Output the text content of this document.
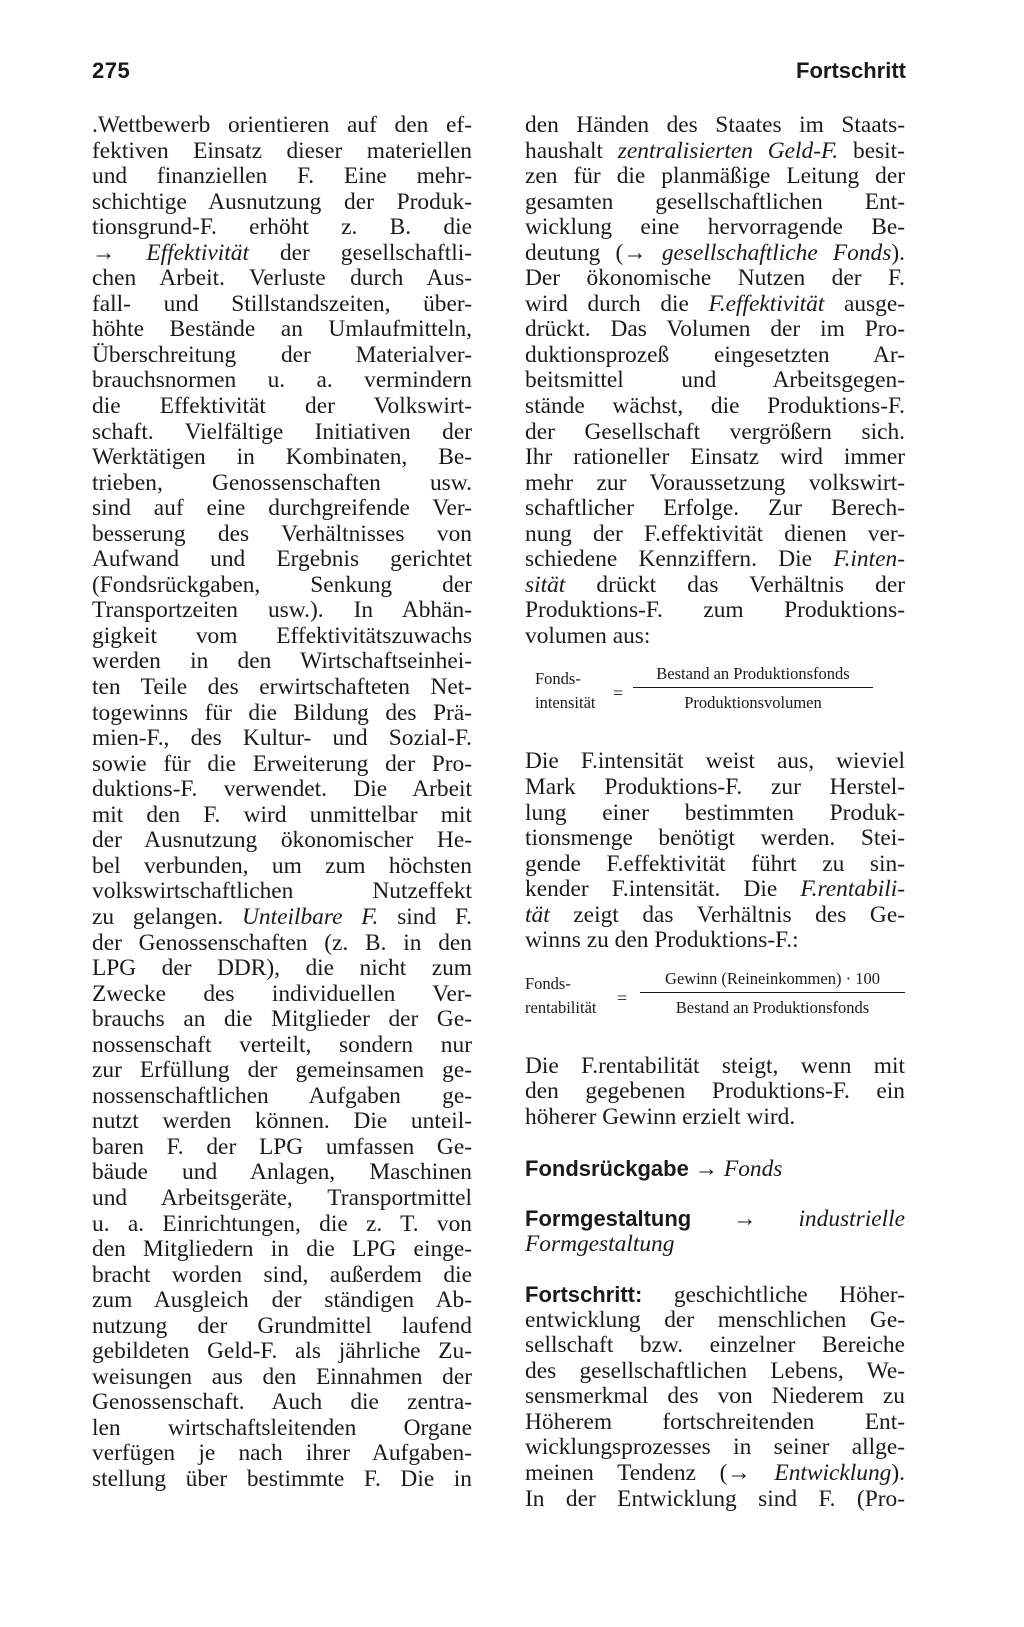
275	Fortschritt
.Wettbewerb orientieren auf den ef-
fektiven Einsatz dieser materiellen
und finanziellen F. Eine mehr-
schichtige Ausnutzung der Produk-
tionsgrund-F. erhöht z. B. die
→ Effektivität der gesellschaftli-
chen Arbeit. Verluste durch Aus-
fall- und Stillstandszeiten, über-
höhte Bestände an Umlaufmitteln,
Überschreitung der Materialver-
brauchsnormen u. a. vermindern
die Effektivität der Volkswirt-
schaft. Vielfältige Initiativen der
Werktätigen in Kombinaten, Be-
trieben, Genossenschaften usw.
sind auf eine durchgreifende Ver-
besserung des Verhältnisses von
Aufwand und Ergebnis gerichtet
(Fondsrückgaben, Senkung der
Transportzeiten usw.). In Abhän-
gigkeit vom Effektivitätszuwachs
werden in den Wirtschaftseinhei-
ten Teile des erwirtschafteten Net-
togewinns für die Bildung des Prä-
mien-F., des Kultur- und Sozial-F.
sowie für die Erweiterung der Pro-
duktions-F. verwendet. Die Arbeit
mit den F. wird unmittelbar mit
der Ausnutzung ökonomischer He-
bel verbunden, um zum höchsten
volkswirtschaftlichen Nutzeffekt
zu gelangen. Unteilbare F. sind F.
der Genossenschaften (z. B. in den
LPG der DDR), die nicht zum
Zwecke des individuellen Ver-
brauchs an die Mitglieder der Ge-
nossenschaft verteilt, sondern nur
zur Erfüllung der gemeinsamen ge-
nossenschaftlichen Aufgaben ge-
nutzt werden können. Die unteil-
baren F. der LPG umfassen Ge-
bäude und Anlagen, Maschinen
und Arbeitsgeräte, Transportmittel
u. a. Einrichtungen, die z. T. von
den Mitgliedern in die LPG einge-
bracht worden sind, außerdem die
zum Ausgleich der ständigen Ab-
nutzung der Grundmittel laufend
gebildeten Geld-F. als jährliche Zu-
weisungen aus den Einnahmen der
Genossenschaft. Auch die zentra-
len wirtschaftsleitenden Organe
verfügen je nach ihrer Aufgaben-
stellung über bestimmte F. Die in
den Händen des Staates im Staats-
haushalt zentralisierten Geld-F. besit-
zen für die planmäßige Leitung der
gesamten gesellschaftlichen Ent-
wicklung eine hervorragende Be-
deutung (→ gesellschaftliche Fonds).
Der ökonomische Nutzen der F.
wird durch die F.effektivität ausge-
drückt. Das Volumen der im Pro-
duktionsprozeß eingesetzten Ar-
beitsmittel und Arbeitsgegen-
stände wächst, die Produktions-F.
der Gesellschaft vergrößern sich.
Ihr rationeller Einsatz wird immer
mehr zur Voraussetzung volkswirt-
schaftlicher Erfolge. Zur Berech-
nung der F.effektivität dienen ver-
schiedene Kennziffern. Die F.inten-
sität drückt das Verhältnis der
Produktions-F. zum Produktions-
volumen aus:
Fonds-
intensität =
Bestand an Produktionsfonds
Produktionsvolumen
Die F.intensität weist aus, wieviel
Mark Produktions-F. zur Herstel-
lung einer bestimmten Produk-
tionsmenge benötigt werden. Stei-
gende F.effektivität führt zu sin-
kender F.intensität. Die F.rentabili-
tät zeigt das Verhältnis des Ge-
winns zu den Produktions-F.:
Fonds-
rentabilität =
Gewinn (Reineinkommen) · 100
Bestand an Produktionsfonds
Die F.rentabilität steigt, wenn mit
den gegebenen Produktions-F. ein
höherer Gewinn erzielt wird.
Fondsrückgabe → Fonds
Formgestaltung → industrielle
Formgestaltung
Fortschritt: geschichtliche Höher-
entwicklung der menschlichen Ge-
sellschaft bzw. einzelner Bereiche
des gesellschaftlichen Lebens, We-
sensmerkmal des von Niederem zu
Höherem fortschreitenden Ent-
wicklungsprozesses in seiner allge-
meinen Tendenz (→ Entwicklung).
In der Entwicklung sind F. (Pro-
